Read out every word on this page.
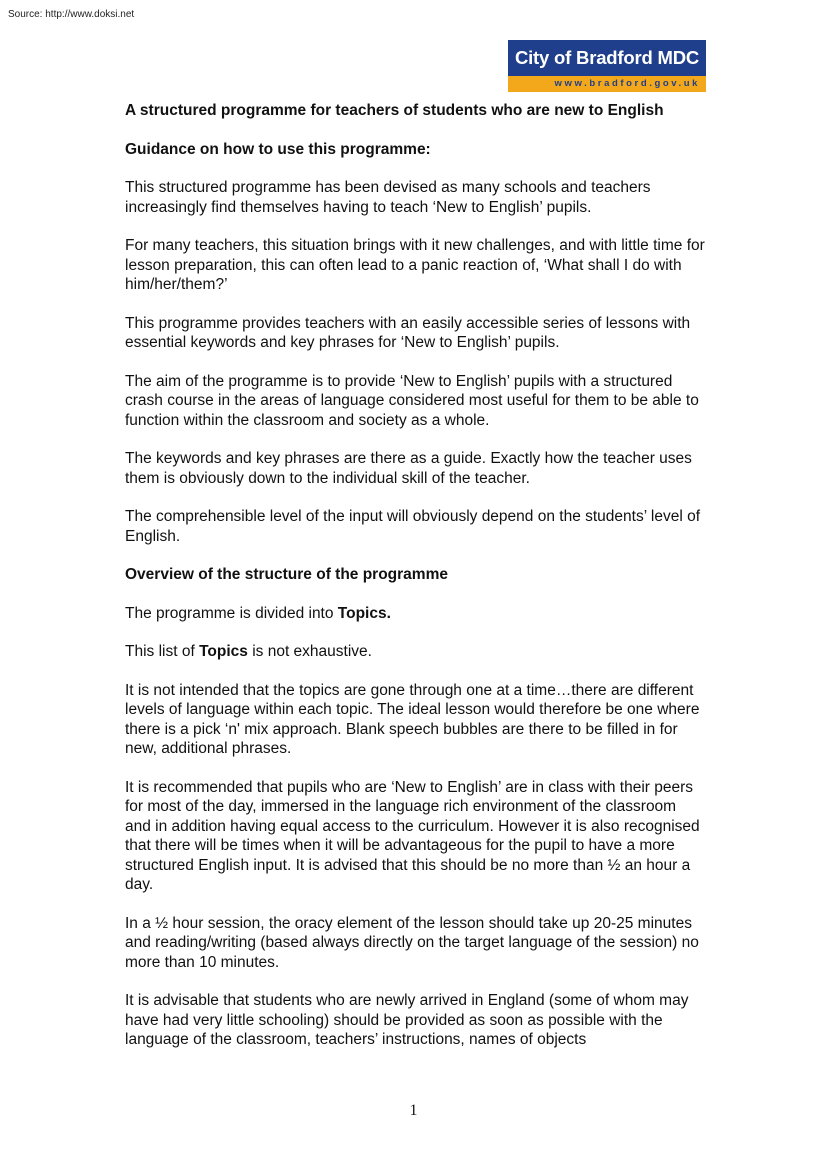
Source: http://www.doksi.net
City of Bradford MDC
www.bradford.gov.uk
A structured programme for teachers of students who are new to English
Guidance on how to use this programme:

This structured programme has been devised as many schools and teachers increasingly find themselves having to teach ‘New to English’ pupils.

For many teachers, this situation brings with it new challenges, and with little time for lesson preparation, this can often lead to a panic reaction of, ‘What shall I do with him/her/them?’

This programme provides teachers with an easily accessible series of lessons with essential keywords and key phrases for ‘New to English’ pupils.

The aim of the programme is to provide ‘New to English’ pupils with a structured crash course in the areas of language considered most useful for them to be able to function within the classroom and society as a whole.

The keywords and key phrases are there as a guide. Exactly how the teacher uses them is obviously down to the individual skill of the teacher.

The comprehensible level of the input will obviously depend on the students’ level of English.

Overview of the structure of the programme

The programme is divided into Topics.

This list of Topics is not exhaustive.

It is not intended that the topics are gone through one at a time…there are different levels of language within each topic. The ideal lesson would therefore be one where there is a pick ‘n' mix approach. Blank speech bubbles are there to be filled in for new, additional phrases.

It is recommended that pupils who are ‘New to English’ are in class with their peers for most of the day, immersed in the language rich environment of the classroom and in addition having equal access to the curriculum. However it is also recognised that there will be times when it will be advantageous for the pupil to have a more structured English input. It is advised that this should be no more than ½ an hour a day.

In a ½ hour session, the oracy element of the lesson should take up 20-25 minutes and reading/writing (based always directly on the target language of the session) no more than 10 minutes.

It is advisable that students who are newly arrived in England (some of whom may have had very little schooling) should be provided as soon as possible with the language of the classroom, teachers’ instructions, names of objects

1
